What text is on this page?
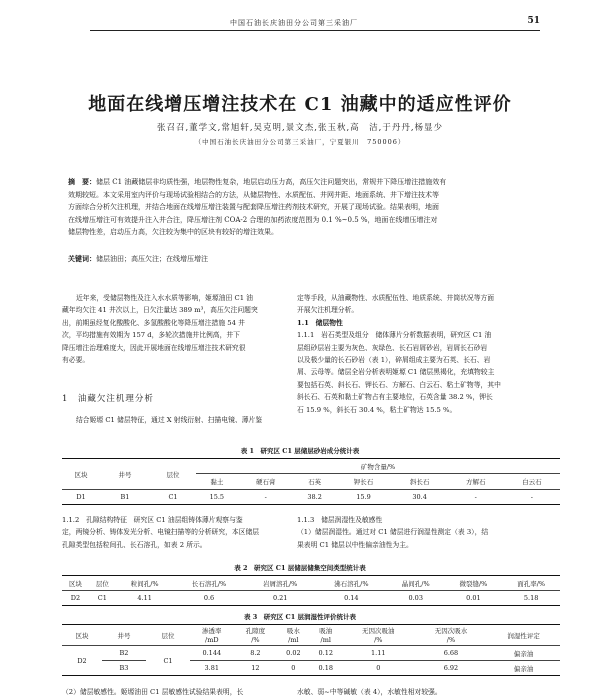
中国石油长庆油田分公司第三采油厂	51
地面在线增压增注技术在 C1 油藏中的适应性评价
张召召,董学文,常旭轩,吴克明,景文杰,张玉秋,高　洁,于丹丹,杨显少
（中国石油长庆油田分公司第三采油厂，宁夏银川　750006）
摘　要：储层 C1 油藏储层非均质性强，地层物性复杂，地层启动压力高，高压欠注问题突出，常规井下降压增注措施效有
效期较短。本文采用室内评价与现场试验相结合的方法，从储层物性、水质配伍、井网井距、地面系统、井下增注技术等
方面综合分析欠注机理，并结合地面在线增压增注装置与配套降压增注药剂技术研究，开展了现场试验。结果表明，地面
在线增压增注可有效提升注入井合注，降压增注剂 COA-2 合理的加药浓度范围为 0.1 %~0.5 %，地面在线增压增注对
储层物性差，启动压力高，欠注较为集中的区块有较好的增注效果。
关键词：储层油田；高压欠注；在线增压增注
近年来，受储层物性及注入水水质等影响，姬塬油田 C1 油
藏年均欠注 41 井次以上，日欠注量达 389 m³，高压欠注问题突
出，前期虽经复化酸酸化、多氢酸酸化等降压增注措施 54 井
次，平均措施有效期为 157 d，多轮次措施井比例高，井下
降压增注治理难度大，因此开展地面在线增压增注技术研究很
有必要。
1　油藏欠注机理分析
结合姬塬 C1 储层特征，通过 X 射线衍射、扫描电镜、薄片鉴
定等手段，从油藏物性、水质配伍性、地质系统、井筒状况等方面
开展欠注机理分析。
1.1　储层物性
1.1.1　岩石类型及组分　储体薄片分析数据表明，研究区 C1 油
层组砂层岩主要为灰色、灰绿色、长石岩屑砂岩，岩屑长石砂岩
以及极少量的长石砂岩（表 1），碎屑组成主要为石英、长石、岩
屑、云母等。储层全岩分析表明姬塬 C1 储层黑褐化，充填物较主
要包括石英、斜长石、钾长石、方解石、白云石、粘土矿物等，其中
斜长石、石英和黏土矿物占有主要地位，石英含量 38.2 %，钾长
石 15.9 %，斜长石 30.4 %，粘土矿物达 15.5 %。
表 1　研究区 C1 层储层砂岩成分统计表
区块	井号	层位	矿物含量/%						
			黏土	硬石膏	石英	钾长石	斜长石	方解石	白云石
D1	B1	C1	15.5	-	38.2	15.9	30.4	-	-
1.1.2　孔隙结构特征　研究区 C1 油层组铸体薄片观察与鉴
定，两镜分析、铸体发光分析、电镜扫描等的分析研究，本区储层
孔隙类型包括粒间孔、长石溶孔，如表 2 所示。
1.1.3　储层润湿性及敏感性
（1）储层润湿性。通过对 C1 储层进行润湿性测定（表 3），结
果表明 C1 储层以中性偏亲油性为主。
表 2　研究区 C1 层储层储集空间类型统计表
区块	层位	粒间孔/%	长石溶孔/%	岩屑溶孔/%	沸石溶孔/%	晶间孔/%	微裂缝/%	面孔率/%
D2	C1	4.11	0.6	0.21	0.14	0.03	0.01	5.18
表 3　研究区 C1 层润湿性评价统计表
区块	井号	层位	渗透率	孔隙度	吸水	吸油	无因次吸油	无因次吸水	润湿性评定
			/mD	/%	/ml	/ml	/%	/%	
D2	B2	C1	0.144	8.2	0.02	0.12	1.11	6.68	偏亲油
	B3		3.81	12	0	0.18	0	6.92	偏亲油
（2）储层敏感性。姬塬油田 C1 层敏感性试验结果表明，长	水敏、弱~中等碱敏（表 4），水敏性相对较强。
